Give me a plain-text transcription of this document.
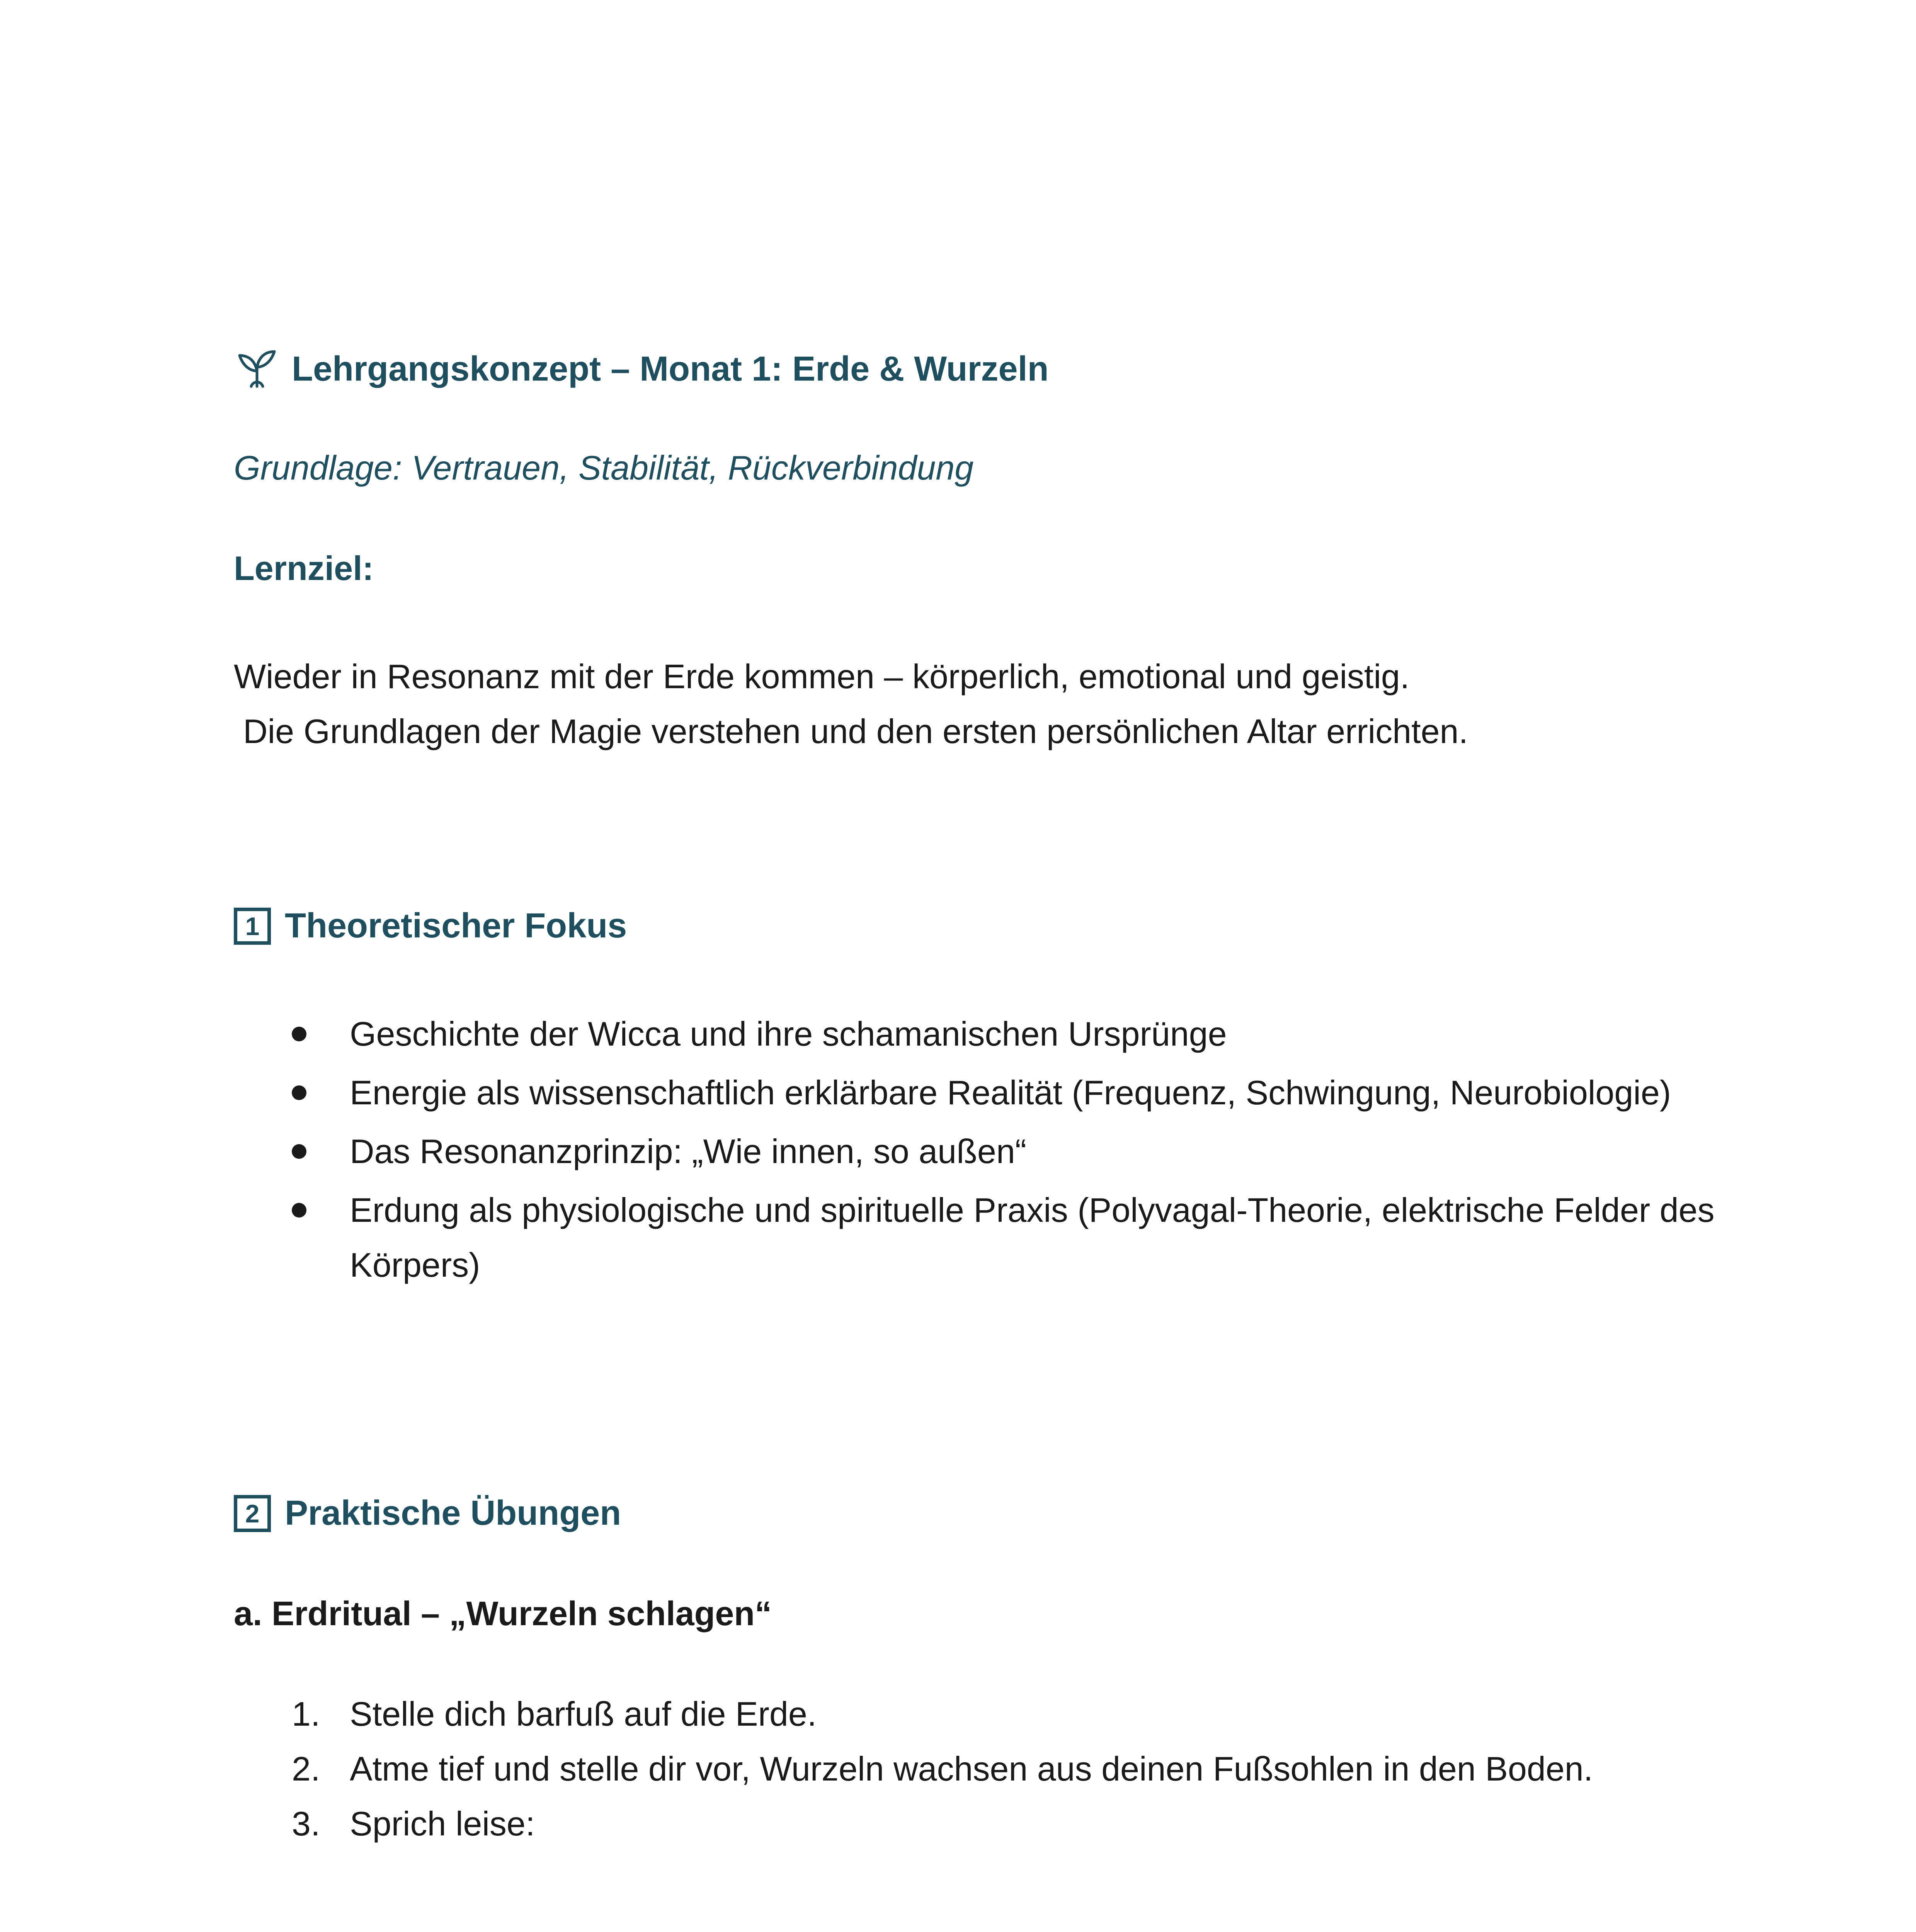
Lehrgangskonzept – Monat 1: Erde & Wurzeln
Grundlage: Vertrauen, Stabilität, Rückverbindung
Lernziel:
Wieder in Resonanz mit der Erde kommen – körperlich, emotional und geistig.
Die Grundlagen der Magie verstehen und den ersten persönlichen Altar errichten.
1 Theoretischer Fokus
Geschichte der Wicca und ihre schamanischen Ursprünge
Energie als wissenschaftlich erklärbare Realität (Frequenz, Schwingung, Neurobiologie)
Das Resonanzprinzip: „Wie innen, so außen“
Erdung als physiologische und spirituelle Praxis (Polyvagal-Theorie, elektrische Felder des Körpers)
2 Praktische Übungen
a. Erdritual – „Wurzeln schlagen“
1. Stelle dich barfuß auf die Erde.
2. Atme tief und stelle dir vor, Wurzeln wachsen aus deinen Fußsohlen in den Boden.
3. Sprich leise:
